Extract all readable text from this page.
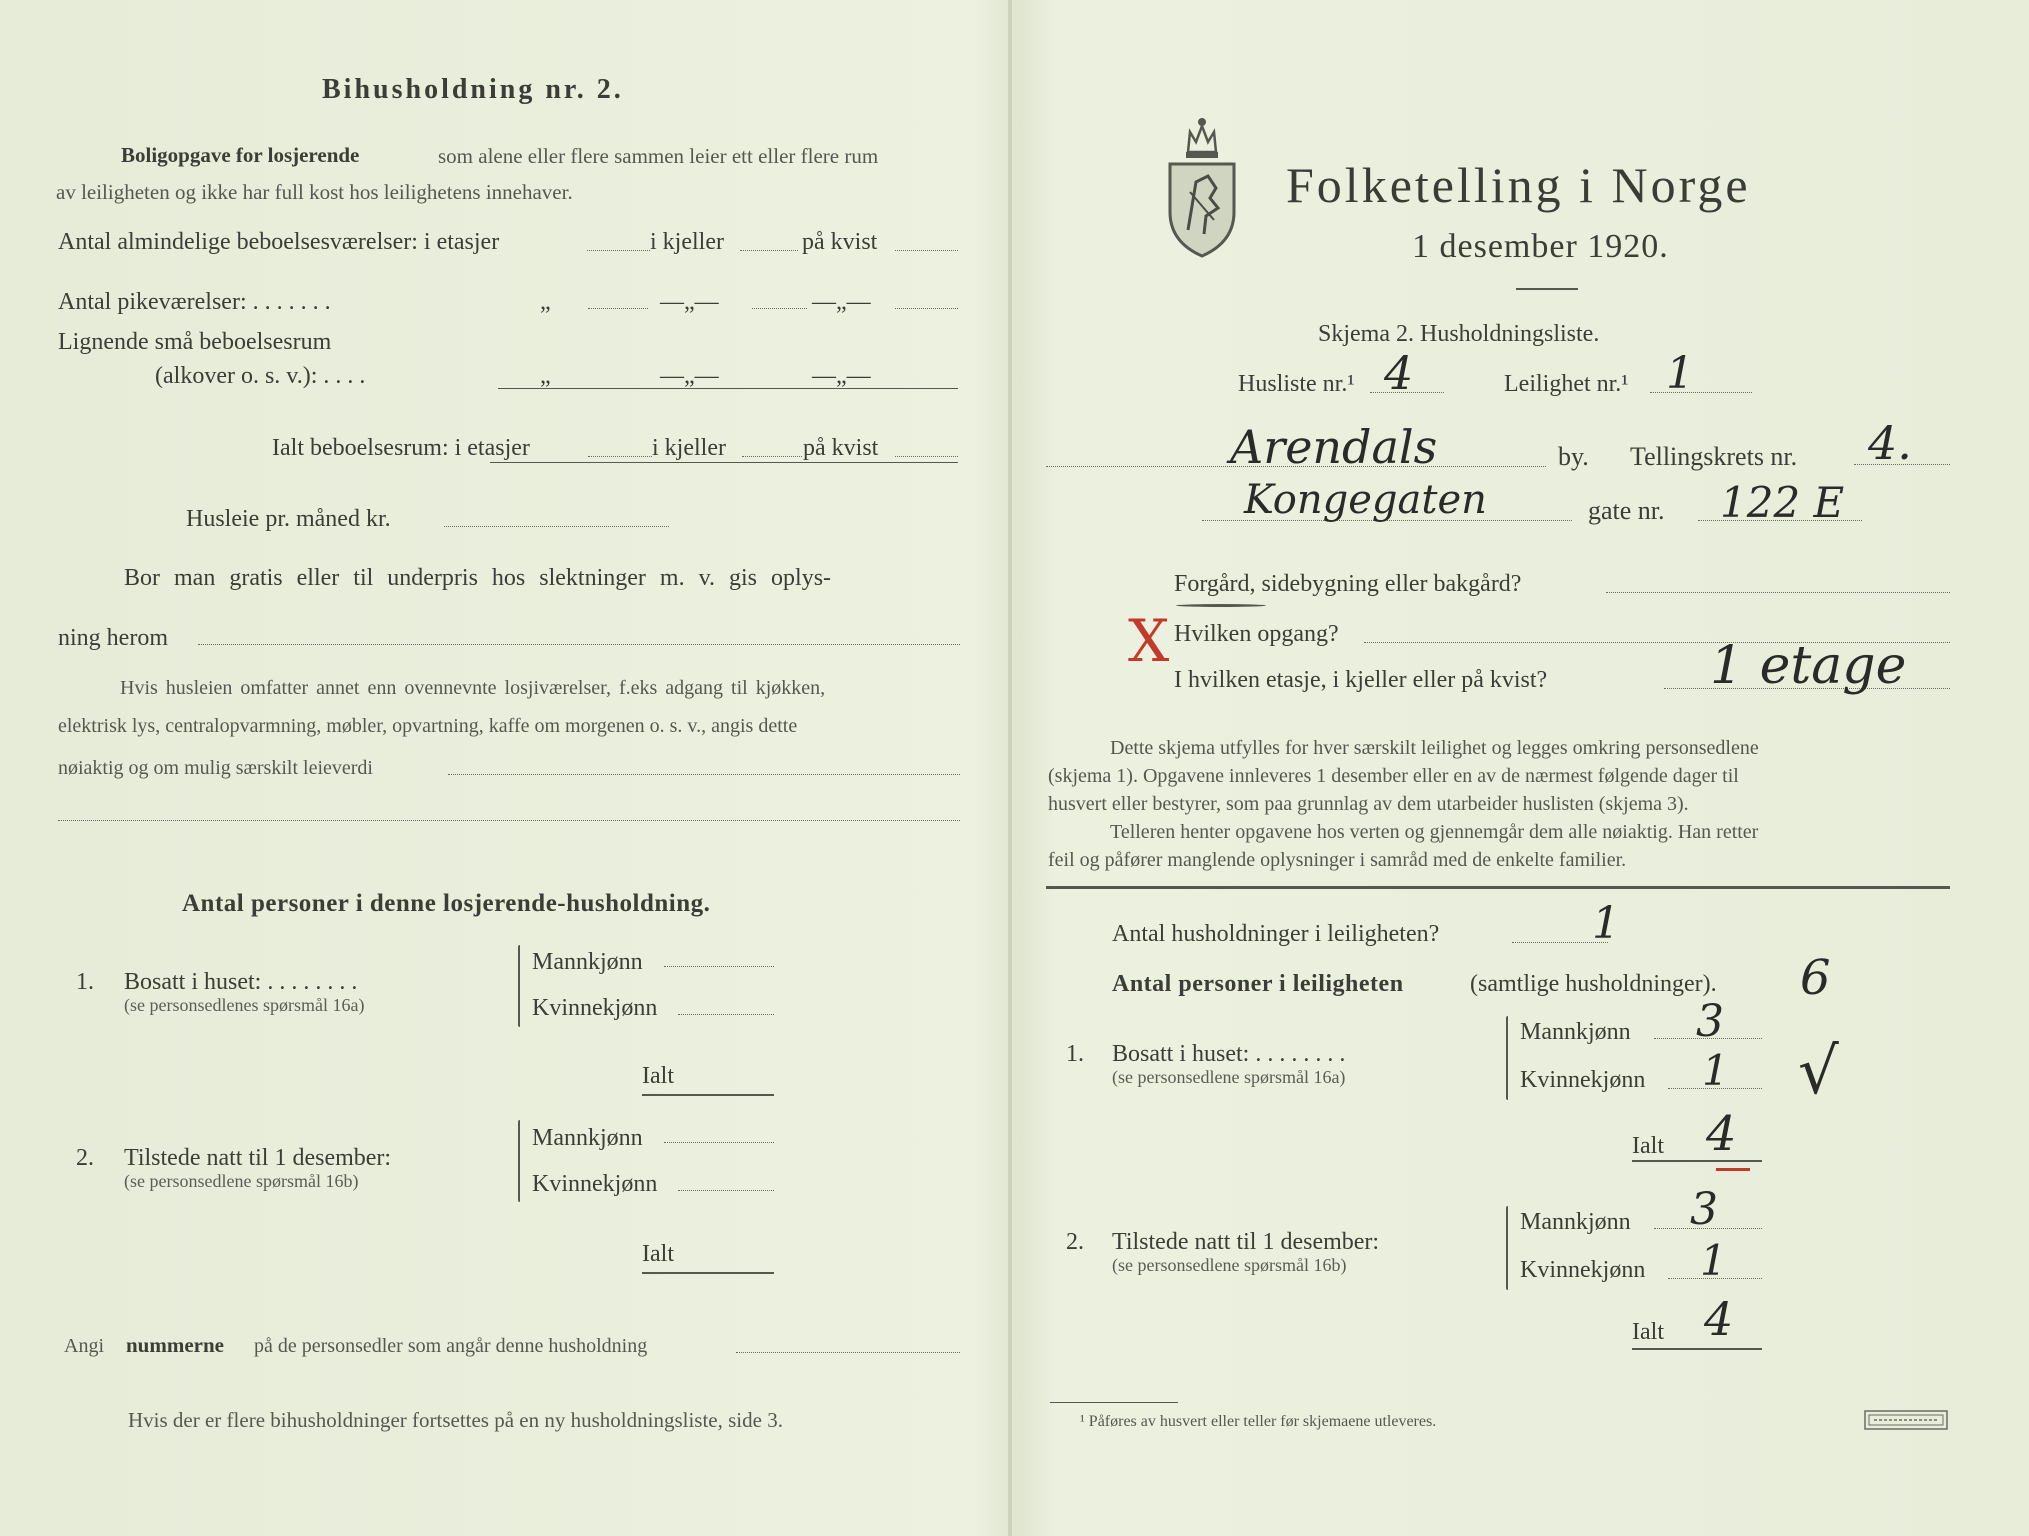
Bihusholdning nr. 2.
Boligopgave for losjerende	som alene eller flere sammen leier ett eller flere rum
av leiligheten og ikke har full kost hos leilighetens innehaver.
Antal almindelige beboelsesværelser: i etasjer	i kjeller	på kvist
Antal pikeværelser: . . . . . . .	„	—„—	—„—
Lignende små beboelsesrum
(alkover o. s. v.): . . . .	„	—„—	—„—
Ialt beboelsesrum: i etasjer	i kjeller	på kvist
Husleie pr. måned kr.
Bor man gratis eller til underpris hos slektninger m. v. gis oplys-
ning herom
Hvis husleien omfatter annet enn ovennevnte losjiværelser, f.eks adgang til kjøkken,
elektrisk lys, centralopvarmning, møbler, opvartning, kaffe om morgenen o. s. v., angis dette
nøiaktig og om mulig særskilt leieverdi
Antal personer i denne losjerende-husholdning.
1. Bosatt i huset: . . . . . . . .
(se personsedlenes spørsmål 16a)
Mannkjønn
Kvinnekjønn
Ialt
2. Tilstede natt til 1 desember:
(se personsedlene spørsmål 16b)
Mannkjønn
Kvinnekjønn
Ialt
Angi nummerne på de personsedler som angår denne husholdning
Hvis der er flere bihusholdninger fortsettes på en ny husholdningsliste, side 3.
Folketelling i Norge
1 desember 1920.
Skjema 2. Husholdningsliste.
Husliste nr.¹ 4	Leilighet nr.¹ 1
Arendals	by. Tellingskrets nr. 4.
Kongegaten	gate nr. 122 E
Forgård, sidebygning eller bakgård?
X Hvilken opgang?
I hvilken etasje, i kjeller eller på kvist?	1 etage
Dette skjema utfylles for hver særskilt leilighet og legges omkring personsedlene
(skjema 1). Opgavene innleveres 1 desember eller en av de nærmest følgende dager til
husvert eller bestyrer, som paa grunnlag av dem utarbeider huslisten (skjema 3).
Telleren henter opgavene hos verten og gjennemgår dem alle nøiaktig. Han retter
feil og påfører manglende oplysninger i samråd med de enkelte familier.
Antal husholdninger i leiligheten?	1
Antal personer i leiligheten	(samtlige husholdninger). 6
1. Bosatt i huset: . . . . . . . .
(se personsedlene spørsmål 16a)
Mannkjønn 3
Kvinnekjønn 1 √
Ialt 4
2. Tilstede natt til 1 desember:
(se personsedlene spørsmål 16b)
Mannkjønn 3
Kvinnekjønn 1
Ialt 4
¹ Påføres av husvert eller teller før skjemaene utleveres.
